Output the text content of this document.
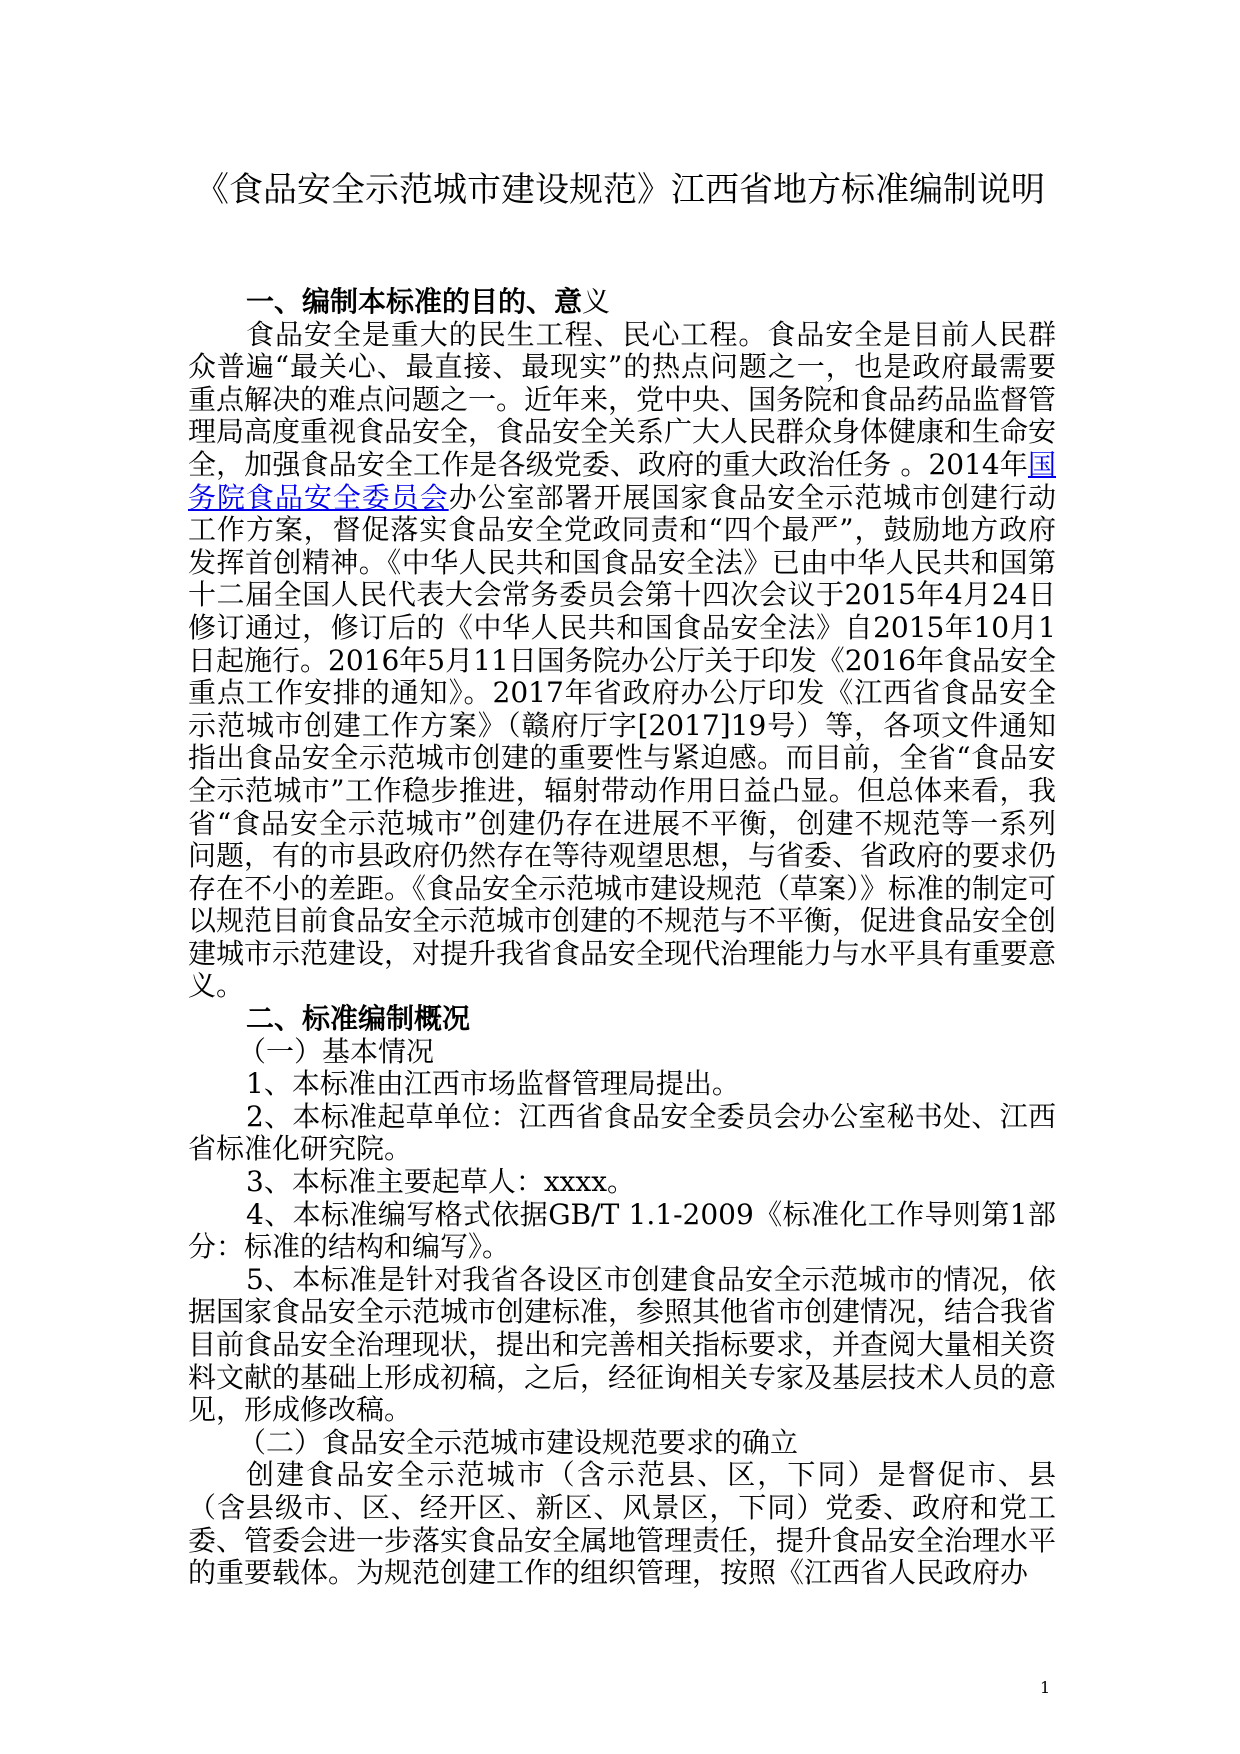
《食品安全示范城市建设规范》江西省地方标准编制说明

一、编制本标准的目的、意义

食品安全是重大的民生工程、民心工程。食品安全是目前人民群众普遍“最关心、最直接、最现实”的热点问题之一，也是政府最需要重点解决的难点问题之一。近年来，党中央、国务院和食品药品监督管理局高度重视食品安全，食品安全关系广大人民群众身体健康和生命安全，加强食品安全工作是各级党委、政府的重大政治任务 。2014年国务院食品安全委员会办公室部署开展国家食品安全示范城市创建行动工作方案，督促落实食品安全党政同责和“四个最严”，鼓励地方政府发挥首创精神。《中华人民共和国食品安全法》已由中华人民共和国第十二届全国人民代表大会常务委员会第十四次会议于2015年4月24日修订通过，修订后的《中华人民共和国食品安全法》自2015年10月1日起施行。2016年5月11日国务院办公厅关于印发《2016年食品安全重点工作安排的通知》。2017年省政府办公厅印发《江西省食品安全示范城市创建工作方案》（赣府厅字[2017]19号）等，各项文件通知指出食品安全示范城市创建的重要性与紧迫感。而目前，全省“食品安全示范城市”工作稳步推进，辐射带动作用日益凸显。但总体来看，我省“食品安全示范城市”创建仍存在进展不平衡，创建不规范等一系列问题，有的市县政府仍然存在等待观望思想，与省委、省政府的要求仍存在不小的差距。《食品安全示范城市建设规范（草案）》标准的制定可以规范目前食品安全示范城市创建的不规范与不平衡，促进食品安全创建城市示范建设，对提升我省食品安全现代治理能力与水平具有重要意义。

二、标准编制概况

（一）基本情况

1、本标准由江西市场监督管理局提出。

2、本标准起草单位：江西省食品安全委员会办公室秘书处、江西省标准化研究院。

3、本标准主要起草人：xxxx。

4、本标准编写格式依据GB/T 1.1-2009《标准化工作导则第1部分：标准的结构和编写》。

5、本标准是针对我省各设区市创建食品安全示范城市的情况，依据国家食品安全示范城市创建标准，参照其他省市创建情况，结合我省目前食品安全治理现状，提出和完善相关指标要求，并查阅大量相关资料文献的基础上形成初稿，之后，经征询相关专家及基层技术人员的意见，形成修改稿。

（二）食品安全示范城市建设规范要求的确立

创建食品安全示范城市（含示范县、区，下同）是督促市、县（含县级市、区、经开区、新区、风景区，下同）党委、政府和党工委、管委会进一步落实食品安全属地管理责任，提升食品安全治理水平的重要载体。为规范创建工作的组织管理，按照《江西省人民政府办

1
